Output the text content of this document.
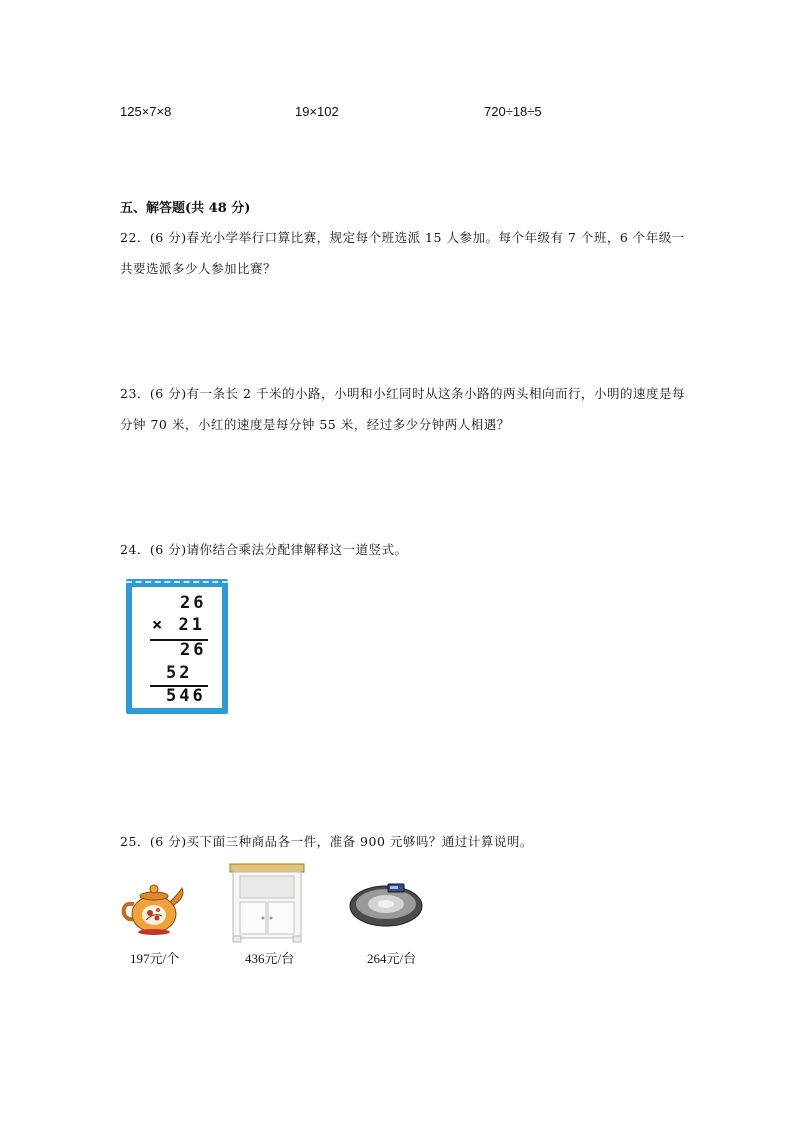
125×7×8	19×102	720÷18÷5
五、解答题(共 48 分)
22．(6 分)春光小学举行口算比赛，规定每个班选派 15 人参加。每个年级有 7 个班，6 个年级一共要选派多少人参加比赛？
23．(6 分)有一条长 2 千米的小路，小明和小红同时从这条小路的两头相向而行，小明的速度是每分钟 70 米，小红的速度是每分钟 55 米，经过多少分钟两人相遇？
24．(6 分)请你结合乘法分配律解释这一道竖式。
26
× 21
26
52
546
25．(6 分)买下面三种商品各一件，准备 900 元够吗？通过计算说明。
197元/个	436元/台	264元/台
